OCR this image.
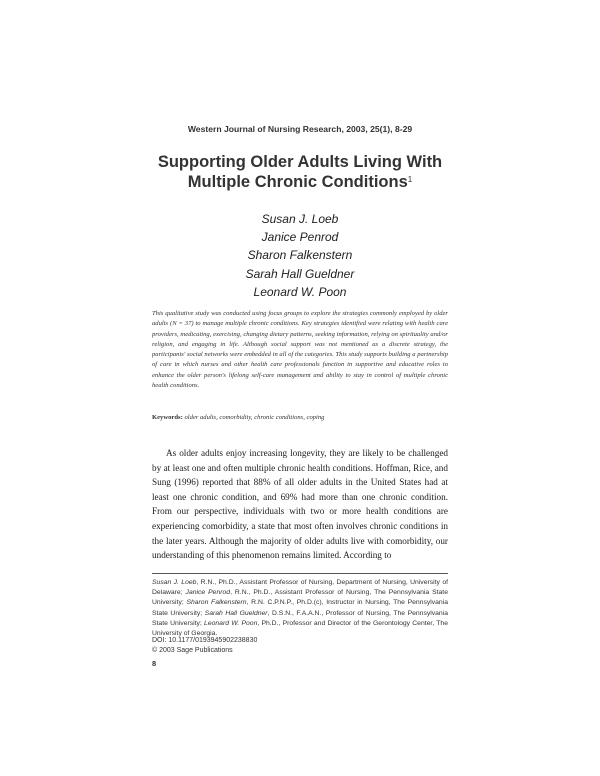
Western Journal of Nursing Research, 2003, 25(1), 8-29
Supporting Older Adults Living With
Multiple Chronic Conditions$^1$
Susan J. Loeb
Janice Penrod
Sharon Falkenstern
Sarah Hall Gueldner
Leonard W. Poon
This qualitative study was conducted using focus groups to explore the strategies commonly employed by older adults (N = 37) to manage multiple chronic conditions. Key strategies identified were relating with health care providers, medicating, exercising, changing dietary patterns, seeking information, relying on spirituality and/or religion, and engaging in life. Although social support was not mentioned as a discrete strategy, the participants' social networks were embedded in all of the categories. This study supports building a partnership of care in which nurses and other health care professionals function in supportive and educative roles to enhance the older person's lifelong self-care management and ability to stay in control of multiple chronic health conditions.
Keywords: older adults, comorbidity, chronic conditions, coping
As older adults enjoy increasing longevity, they are likely to be challenged by at least one and often multiple chronic health conditions. Hoffman, Rice, and Sung (1996) reported that 88% of all older adults in the United States had at least one chronic condition, and 69% had more than one chronic condition. From our perspective, individuals with two or more health conditions are experiencing comorbidity, a state that most often involves chronic conditions in the later years. Although the majority of older adults live with comorbidity, our understanding of this phenomenon remains limited. According to
Susan J. Loeb, R.N., Ph.D., Assistant Professor of Nursing, Department of Nursing, University of Delaware; Janice Penrod, R.N., Ph.D., Assistant Professor of Nursing, The Pennsylvania State University; Sharon Falkenstern, R.N. C.P.N.P., Ph.D.(c), Instructor in Nursing, The Pennsylvania State University; Sarah Hall Gueldner, D.S.N., F.A.A.N., Professor of Nursing, The Pennsylvania State University; Leonard W. Poon, Ph.D., Professor and Director of the Gerontology Center, The University of Georgia.
DOI: 10.1177/0193945902238830
© 2003 Sage Publications
8
